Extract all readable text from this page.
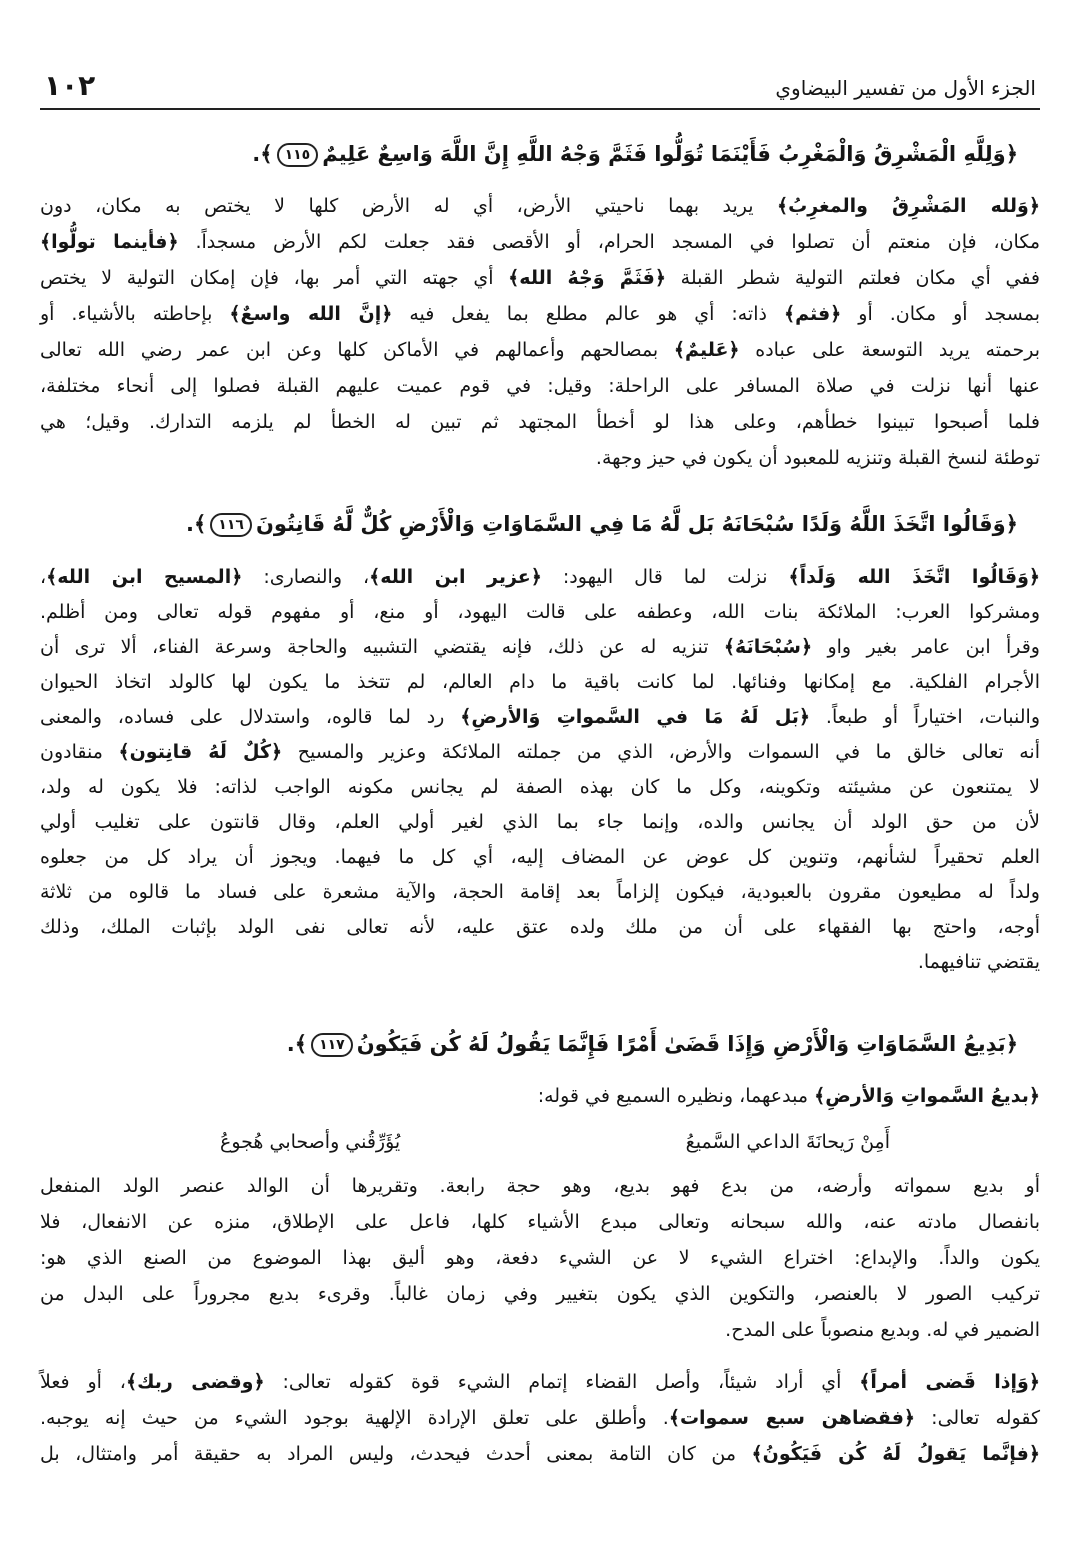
الجزء الأول من تفسير البيضاوي
١٠٢
﴿وَلِلَّهِ الْمَشْرِقُ وَالْمَغْرِبُ فَأَيْنَمَا تُوَلُّوا فَثَمَّ وَجْهُ اللَّهِ إِنَّ اللَّهَ وَاسِعٌ عَلِيمٌ١١٥﴾.
﴿وَلله المَشْرِقُ والمغرِبُ﴾ يريد بهما ناحيتي الأرض، أي له الأرض كلها لا يختص به مكان، دون
مكان، فإن منعتم أن تصلوا في المسجد الحرام، أو الأقصى فقد جعلت لكم الأرض مسجداً. ﴿فأينما تولُّوا﴾
ففي أي مكان فعلتم التولية شطر القبلة ﴿فَثَمَّ وَجْهُ الله﴾ أي جهته التي أمر بها، فإن إمكان التولية لا يختص
بمسجد أو مكان. أو ﴿فثم﴾ ذاته: أي هو عالم مطلع بما يفعل فيه ﴿إنَّ الله واسعٌ﴾ بإحاطته بالأشياء. أو
برحمته يريد التوسعة على عباده ﴿عَليمٌ﴾ بمصالحهم وأعمالهم في الأماكن كلها وعن ابن عمر رضي الله تعالى
عنها أنها نزلت في صلاة المسافر على الراحلة: وقيل: في قوم عميت عليهم القبلة فصلوا إلى أنحاء مختلفة،
فلما أصبحوا تبينوا خطأهم، وعلى هذا لو أخطأ المجتهد ثم تبين له الخطأ لم يلزمه التدارك. وقيل؛ هي
توطئة لنسخ القبلة وتنزيه للمعبود أن يكون في حيز وجهة.
﴿وَقَالُوا اتَّخَذَ اللَّهُ وَلَدًا سُبْحَانَهُ بَل لَّهُ مَا فِي السَّمَاوَاتِ وَالْأَرْضِ كُلٌّ لَّهُ قَانِتُونَ١١٦﴾.
﴿وَقَالُوا اتَّخَذَ الله وَلَداً﴾ نزلت لما قال اليهود: ﴿عزير ابن الله﴾، والنصارى: ﴿المسيح ابن الله﴾،
ومشركوا العرب: الملائكة بنات الله، وعطفه على قالت اليهود، أو منع، أو مفهوم قوله تعالى ومن أظلم.
وقرأ ابن عامر بغير واو ﴿سُبْحَانَهُ﴾ تنزيه له عن ذلك، فإنه يقتضي التشبيه والحاجة وسرعة الفناء، ألا ترى أن
الأجرام الفلكية. مع إمكانها وفنائها. لما كانت باقية ما دام العالم، لم تتخذ ما يكون لها كالولد اتخاذ الحيوان
والنبات، اختياراً أو طبعاً. ﴿بَل لَهُ مَا في السَّمواتِ وَالأرضِ﴾ رد لما قالوه، واستدلال على فساده، والمعنى
أنه تعالى خالق ما في السموات والأرض، الذي من جملته الملائكة وعزير والمسيح ﴿كُلٌ لَهُ قانِتون﴾ منقادون
لا يمتنعون عن مشيئته وتكوينه، وكل ما كان بهذه الصفة لم يجانس مكونه الواجب لذاته: فلا يكون له ولد،
لأن من حق الولد أن يجانس والده، وإنما جاء بما الذي لغير أولي العلم، وقال قانتون على تغليب أولي
العلم تحقيراً لشأنهم، وتنوين كل عوض عن المضاف إليه، أي كل ما فيهما. ويجوز أن يراد كل من جعلوه
ولداً له مطيعون مقرون بالعبودية، فيكون إلزاماً بعد إقامة الحجة، والآية مشعرة على فساد ما قالوه من ثلاثة
أوجه، واحتج بها الفقهاء على أن من ملك ولده عتق عليه، لأنه تعالى نفى الولد بإثبات الملك، وذلك
يقتضي تنافيهما.
﴿بَدِيعُ السَّمَاوَاتِ وَالْأَرْضِ وَإِذَا قَضَىٰ أَمْرًا فَإِنَّمَا يَقُولُ لَهُ كُن فَيَكُونُ١١٧﴾.
﴿بديعُ السَّمواتِ وَالأرضِ﴾ مبدعهما، ونظيره السميع في قوله:
أَمِنْ رَيحانَةَ الداعي السَّميعُ
يُؤَرِّقُني وأصحابي هُجوعُ
أو بديع سمواته وأرضه، من بدع فهو بديع، وهو حجة رابعة. وتقريرها أن الوالد عنصر الولد المنفعل
بانفصال مادته عنه، والله سبحانه وتعالى مبدع الأشياء كلها، فاعل على الإطلاق، منزه عن الانفعال، فلا
يكون والداً. والإبداع: اختراع الشيء لا عن الشيء دفعة، وهو أليق بهذا الموضوع من الصنع الذي هو:
تركيب الصور لا بالعنصر، والتكوين الذي يكون بتغيير وفي زمان غالباً. وقرىء بديع مجروراً على البدل من
الضمير في له. وبديع منصوباً على المدح.
﴿وَإذا قَضى أمراً﴾ أي أراد شيئاً، وأصل القضاء إتمام الشيء قوة كقوله تعالى: ﴿وقضى ربك﴾، أو فعلاً
كقوله تعالى: ﴿فقضاهن سبع سموات﴾. وأطلق على تعلق الإرادة الإلهية بوجود الشيء من حيث إنه يوجبه.
﴿فإنَّما يَقولُ لَهُ كُن فَيَكُونُ﴾ من كان التامة بمعنى أحدث فيحدث، وليس المراد به حقيقة أمر وامتثال، بل
